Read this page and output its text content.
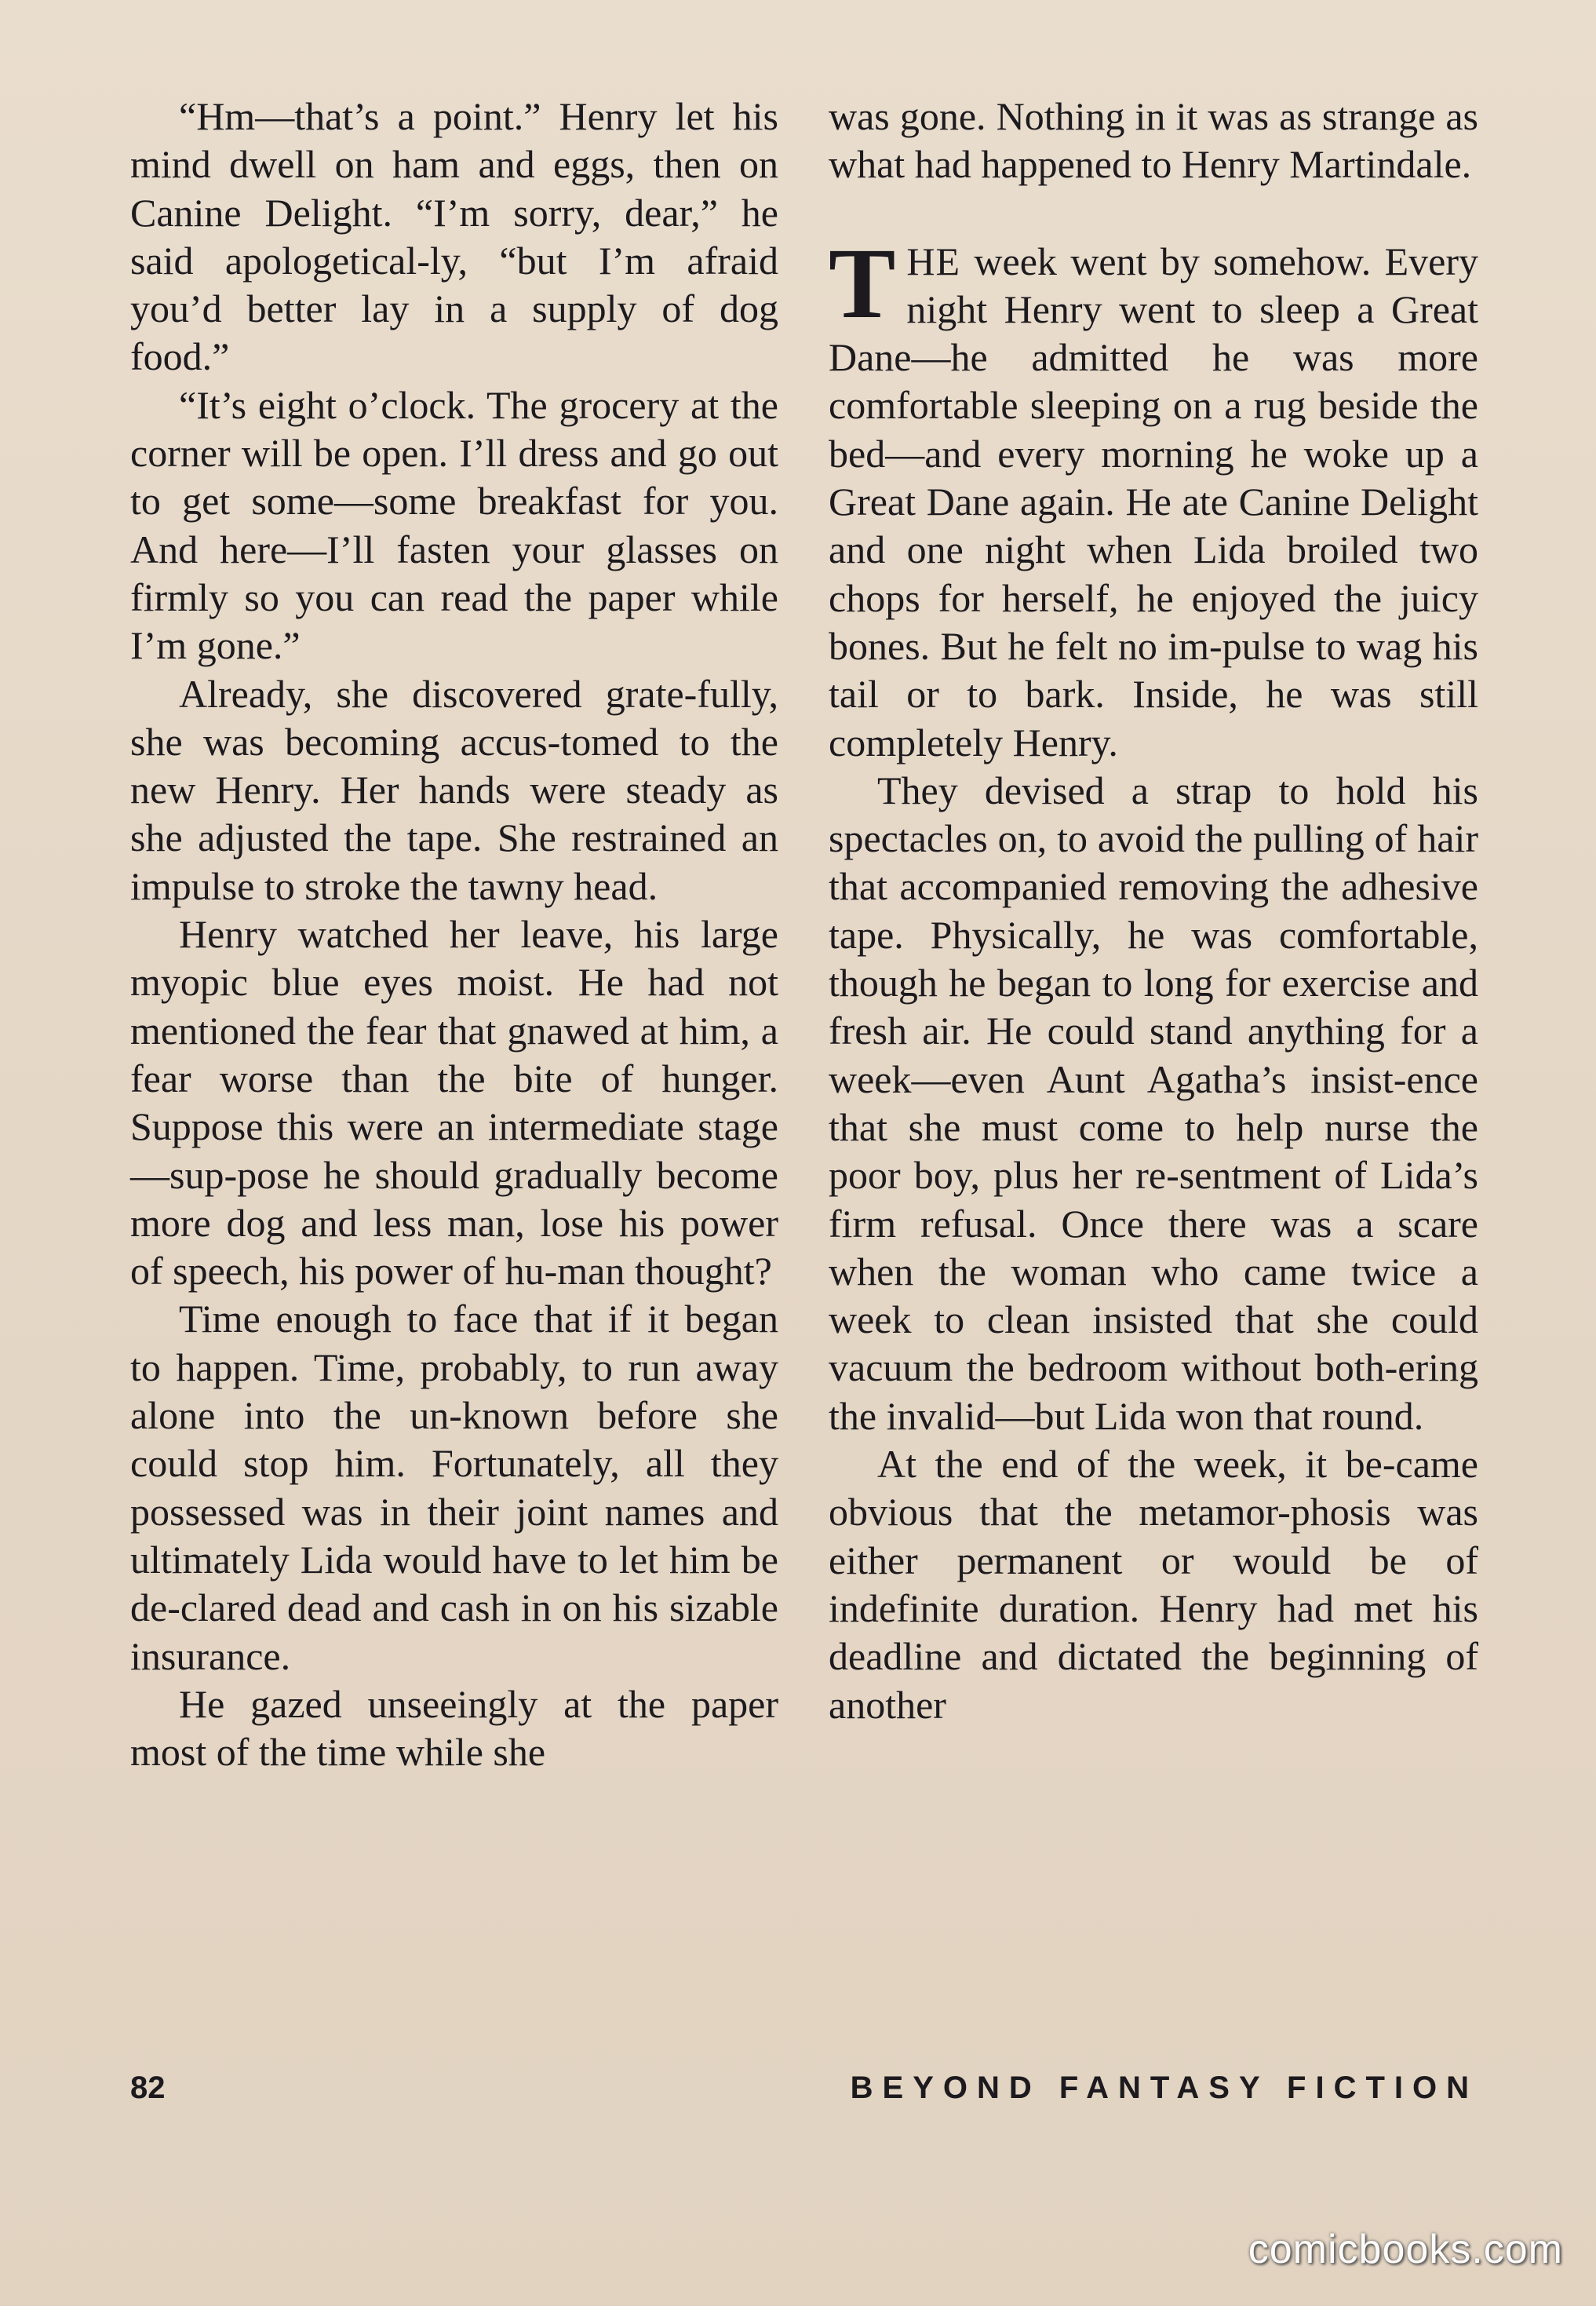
“Hm—that’s a point.” Henry let his mind dwell on ham and eggs, then on Canine Delight. “I’m sorry, dear,” he said apologetical-ly, “but I’m afraid you’d better lay in a supply of dog food.”

“It’s eight o’clock. The grocery at the corner will be open. I’ll dress and go out to get some—some breakfast for you. And here—I’ll fasten your glasses on firmly so you can read the paper while I’m gone.”

Already, she discovered grate-fully, she was becoming accus-tomed to the new Henry. Her hands were steady as she adjusted the tape. She restrained an impulse to stroke the tawny head.

Henry watched her leave, his large myopic blue eyes moist. He had not mentioned the fear that gnawed at him, a fear worse than the bite of hunger. Suppose this were an intermediate stage—sup-pose he should gradually become more dog and less man, lose his power of speech, his power of hu-man thought?

Time enough to face that if it began to happen. Time, probably, to run away alone into the un-known before she could stop him. Fortunately, all they possessed was in their joint names and ultimately Lida would have to let him be de-clared dead and cash in on his sizable insurance.

He gazed unseeingly at the paper most of the time while she

was gone. Nothing in it was as strange as what had happened to Henry Martindale.

THE week went by somehow. Every night Henry went to sleep a Great Dane—he admitted he was more comfortable sleeping on a rug beside the bed—and every morning he woke up a Great Dane again. He ate Canine Delight and one night when Lida broiled two chops for herself, he enjoyed the juicy bones. But he felt no im-pulse to wag his tail or to bark. Inside, he was still completely Henry.

They devised a strap to hold his spectacles on, to avoid the pulling of hair that accompanied removing the adhesive tape. Physically, he was comfortable, though he began to long for exercise and fresh air. He could stand anything for a week—even Aunt Agatha’s insist-ence that she must come to help nurse the poor boy, plus her re-sentment of Lida’s firm refusal. Once there was a scare when the woman who came twice a week to clean insisted that she could vacuum the bedroom without both-ering the invalid—but Lida won that round.

At the end of the week, it be-came obvious that the metamor-phosis was either permanent or would be of indefinite duration. Henry had met his deadline and dictated the beginning of another

82	BEYOND FANTASY FICTION
comicbooks.com
